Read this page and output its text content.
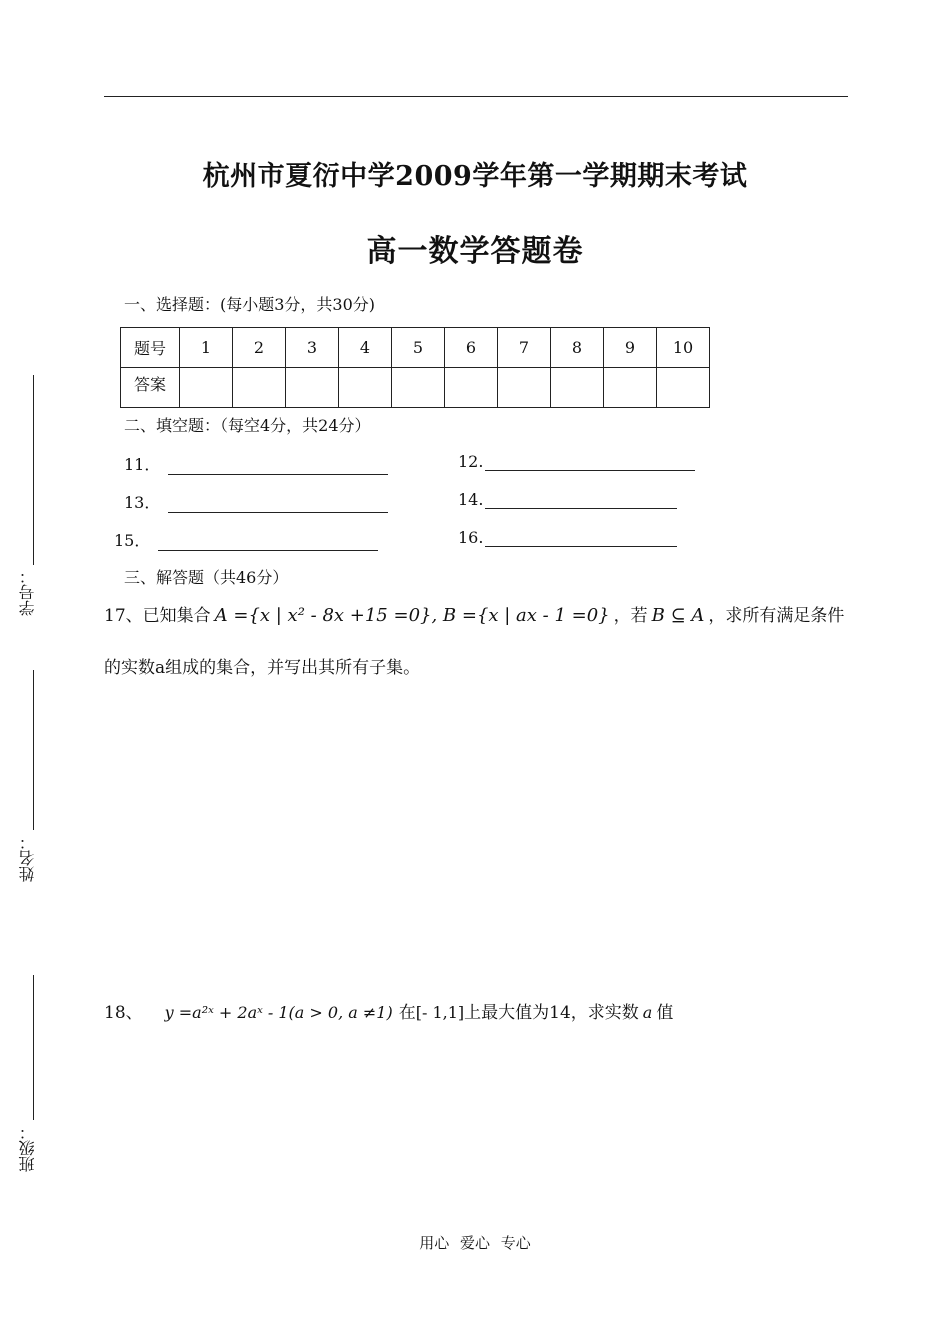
杭州市夏衍中学2009学年第一学期期末考试
高一数学答题卷
一、选择题：(每小题3分，共30分)
题号	1	2	3	4	5	6	7	8	9	10
答案										
二、填空题：（每空4分，共24分）
11．	12.
13．	14.
15．	16.
三、解答题（共46分）
17、已知集合 A ={x | x² - 8x +15 =0}, B ={x | ax - 1 =0} ，若 B ⊆ A ，求所有满足条件
的实数a组成的集合，并写出其所有子集。
18、 y =a²ˣ + 2aˣ - 1(a > 0, a ≠1) 在[- 1,1]上最大值为14，求实数 a 值
学号：
姓名：
班级：
用心 爱心 专心
